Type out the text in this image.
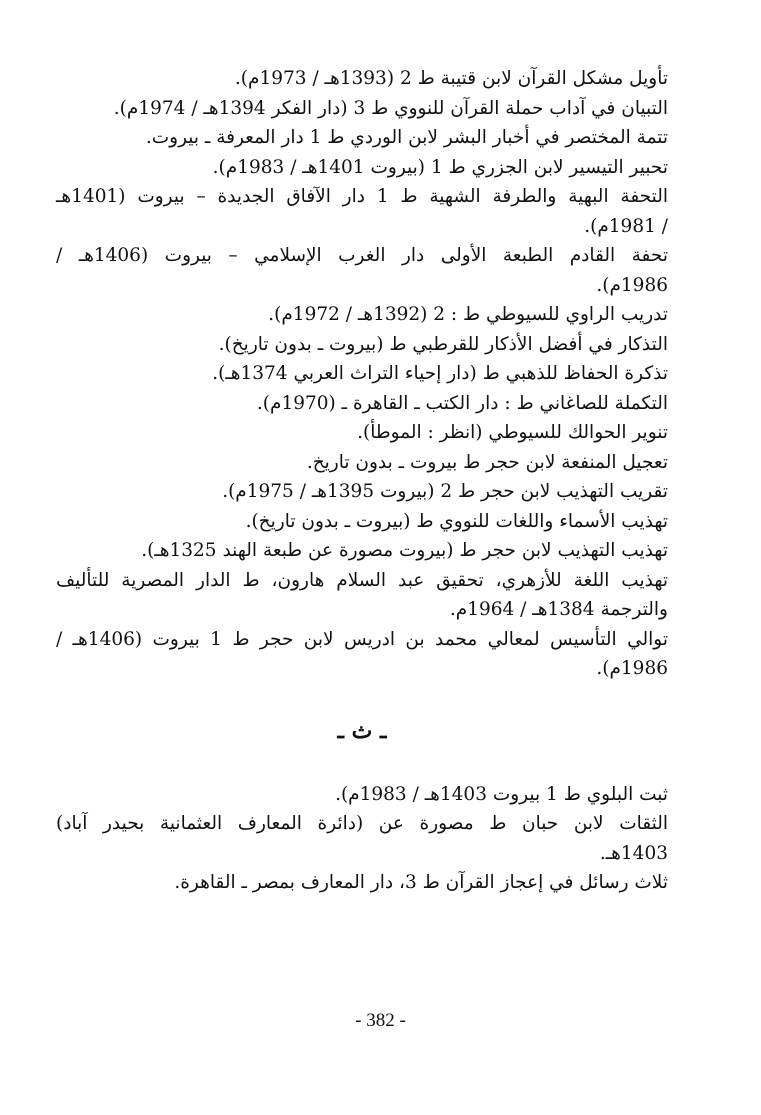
تأويل مشكل القرآن لابن قتيبة ط 2 (1393هـ / 1973م).
التبيان في آداب حملة القرآن للنووي ط 3 (دار الفكر 1394هـ / 1974م).
تتمة المختصر في أخبار البشر لابن الوردي ط 1 دار المعرفة ـ بيروت.
تحبير التيسير لابن الجزري ط 1 (بيروت 1401هـ / 1983م).
التحفة البهية والطرفة الشهية ط 1 دار الآفاق الجديدة – بيروت (1401هـ
/ 1981م).
تحفة القادم الطبعة الأولى دار الغرب الإسلامي – بيروت (1406هـ /
1986م).
تدريب الراوي للسيوطي ط : 2 (1392هـ / 1972م).
التذكار في أفضل الأذكار للقرطبي ط (بيروت ـ بدون تاريخ).
تذكرة الحفاظ للذهبي ط (دار إحياء التراث العربي 1374هـ).
التكملة للصاغاني ط : دار الكتب ـ القاهرة ـ (1970م).
تنوير الحوالك للسيوطي (انظر : الموطأ).
تعجيل المنفعة لابن حجر ط بيروت ـ بدون تاريخ.
تقريب التهذيب لابن حجر ط 2 (بيروت 1395هـ / 1975م).
تهذيب الأسماء واللغات للنووي ط (بيروت ـ بدون تاريخ).
تهذيب التهذيب لابن حجر ط (بيروت مصورة عن طبعة الهند 1325هـ).
تهذيب اللغة للأزهري، تحقيق عبد السلام هارون، ط الدار المصرية للتأليف
والترجمة 1384هـ / 1964م.
توالي التأسيس لمعالي محمد بن ادريس لابن حجر ط 1 بيروت (1406هـ /
1986م).
ـ ث ـ
ثبت البلوي ط 1 بيروت 1403هـ / 1983م).
الثقات لابن حبان ط مصورة عن (دائرة المعارف العثمانية بحيدر آباد)
1403هـ.
ثلاث رسائل في إعجاز القرآن ط 3، دار المعارف بمصر ـ القاهرة.
- 382 -
